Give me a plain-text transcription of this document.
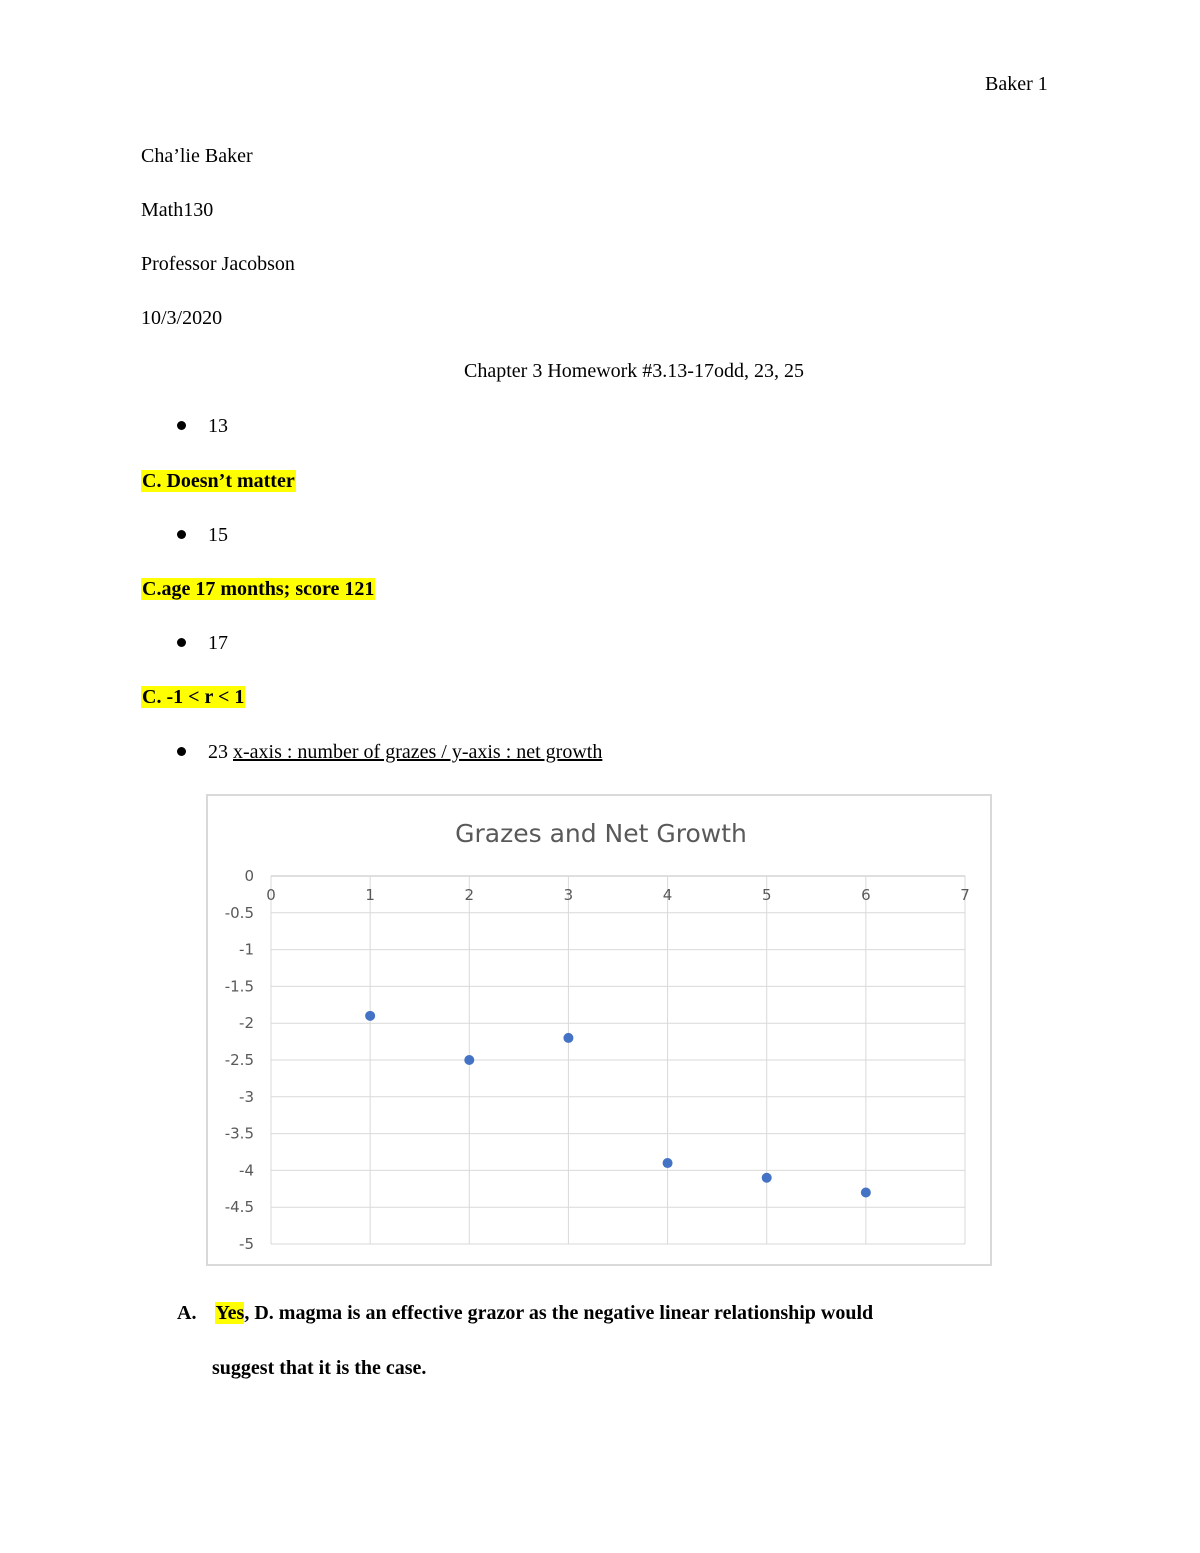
Baker 1
Cha’lie Baker
Math130
Professor Jacobson
10/3/2020
Chapter 3 Homework #3.13-17odd, 23, 25
13
C. Doesn’t matter
15
C.age 17 months; score 121
17
C. -1 < r < 1
23 x-axis : number of grazes / y-axis : net growth
Grazes and Net Growth
0
-0.5
-1
-1.5
-2
-2.5
-3
-3.5
-4
-4.5
-5
0	1	2	3	4	5	6	7
A. Yes, D. magma is an effective grazor as the negative linear relationship would
suggest that it is the case.
